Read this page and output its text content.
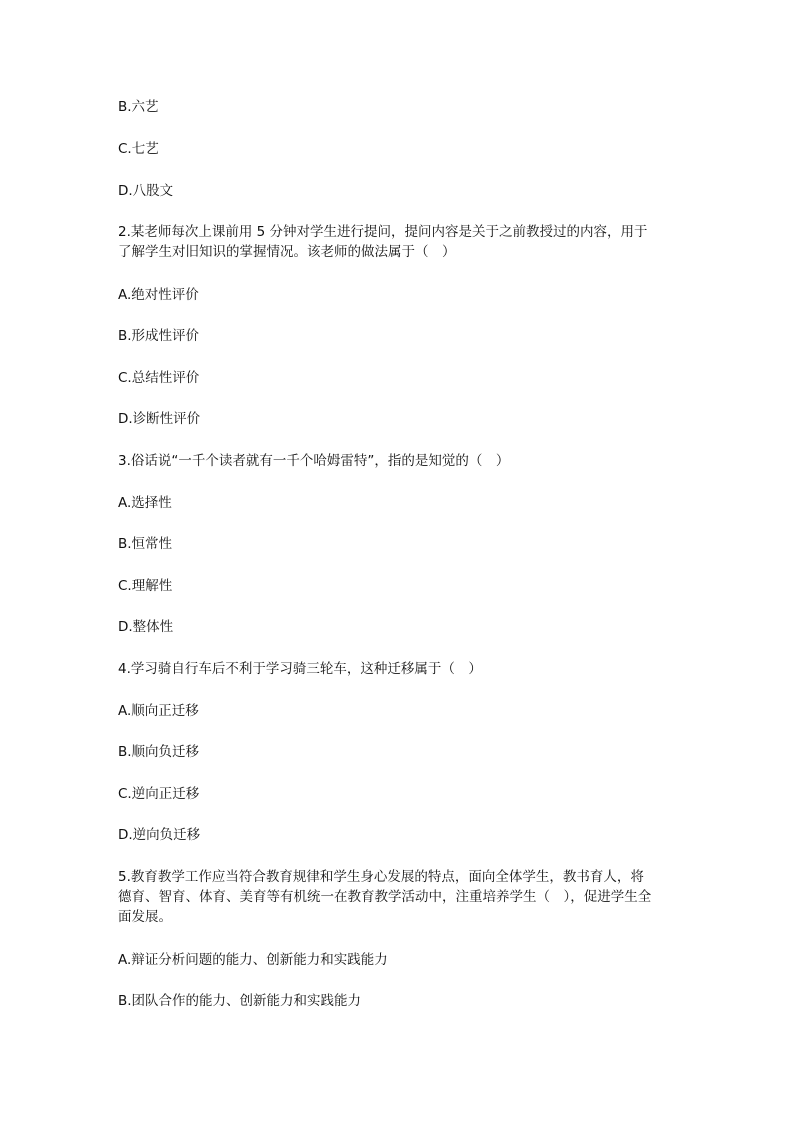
B.六艺
C.七艺
D.八股文
2.某老师每次上课前用 5 分钟对学生进行提问，提问内容是关于之前教授过的内容，用于
了解学生对旧知识的掌握情况。该老师的做法属于（　）
A.绝对性评价
B.形成性评价
C.总结性评价
D.诊断性评价
3.俗话说“一千个读者就有一千个哈姆雷特”，指的是知觉的（　）
A.选择性
B.恒常性
C.理解性
D.整体性
4.学习骑自行车后不利于学习骑三轮车，这种迁移属于（　）
A.顺向正迁移
B.顺向负迁移
C.逆向正迁移
D.逆向负迁移
5.教育教学工作应当符合教育规律和学生身心发展的特点，面向全体学生，教书育人，将
德育、智育、体育、美育等有机统一在教育教学活动中，注重培养学生（　），促进学生全
面发展。
A.辩证分析问题的能力、创新能力和实践能力
B.团队合作的能力、创新能力和实践能力
